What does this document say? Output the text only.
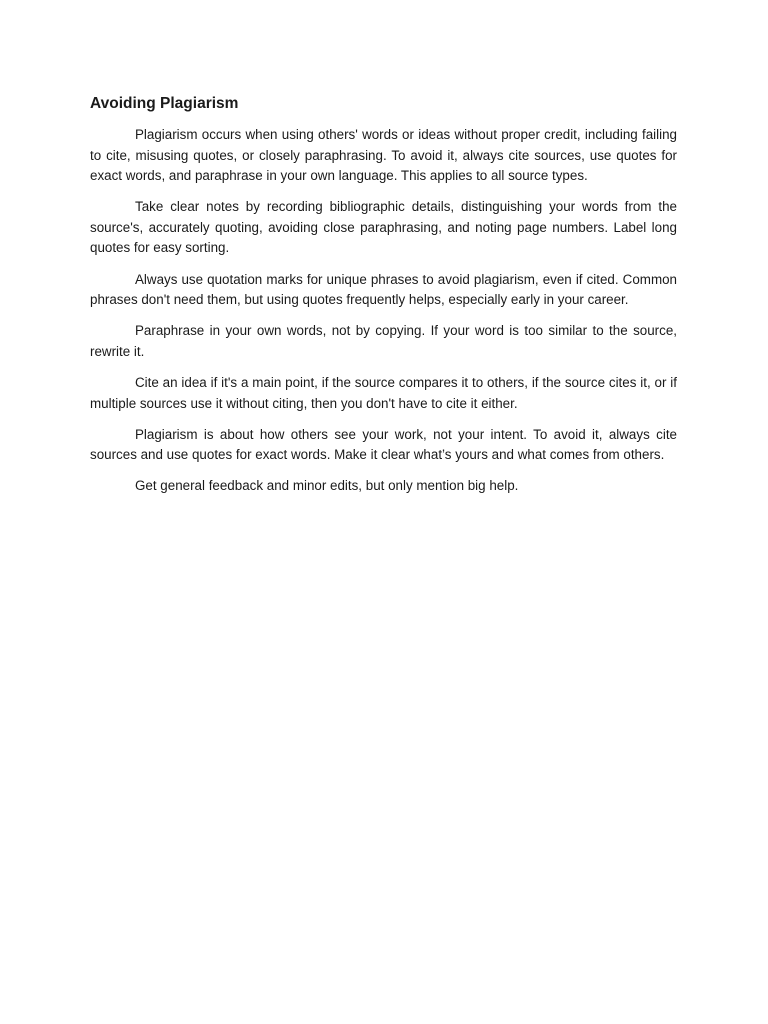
Avoiding Plagiarism

Plagiarism occurs when using others' words or ideas without proper credit, including failing to cite, misusing quotes, or closely paraphrasing. To avoid it, always cite sources, use quotes for exact words, and paraphrase in your own language. This applies to all source types.

Take clear notes by recording bibliographic details, distinguishing your words from the source's, accurately quoting, avoiding close paraphrasing, and noting page numbers. Label long quotes for easy sorting.

Always use quotation marks for unique phrases to avoid plagiarism, even if cited. Common phrases don't need them, but using quotes frequently helps, especially early in your career.

Paraphrase in your own words, not by copying. If your word is too similar to the source, rewrite it.

Cite an idea if it's a main point, if the source compares it to others, if the source cites it, or if multiple sources use it without citing, then you don't have to cite it either.

Plagiarism is about how others see your work, not your intent. To avoid it, always cite sources and use quotes for exact words. Make it clear what’s yours and what comes from others.

Get general feedback and minor edits, but only mention big help.
